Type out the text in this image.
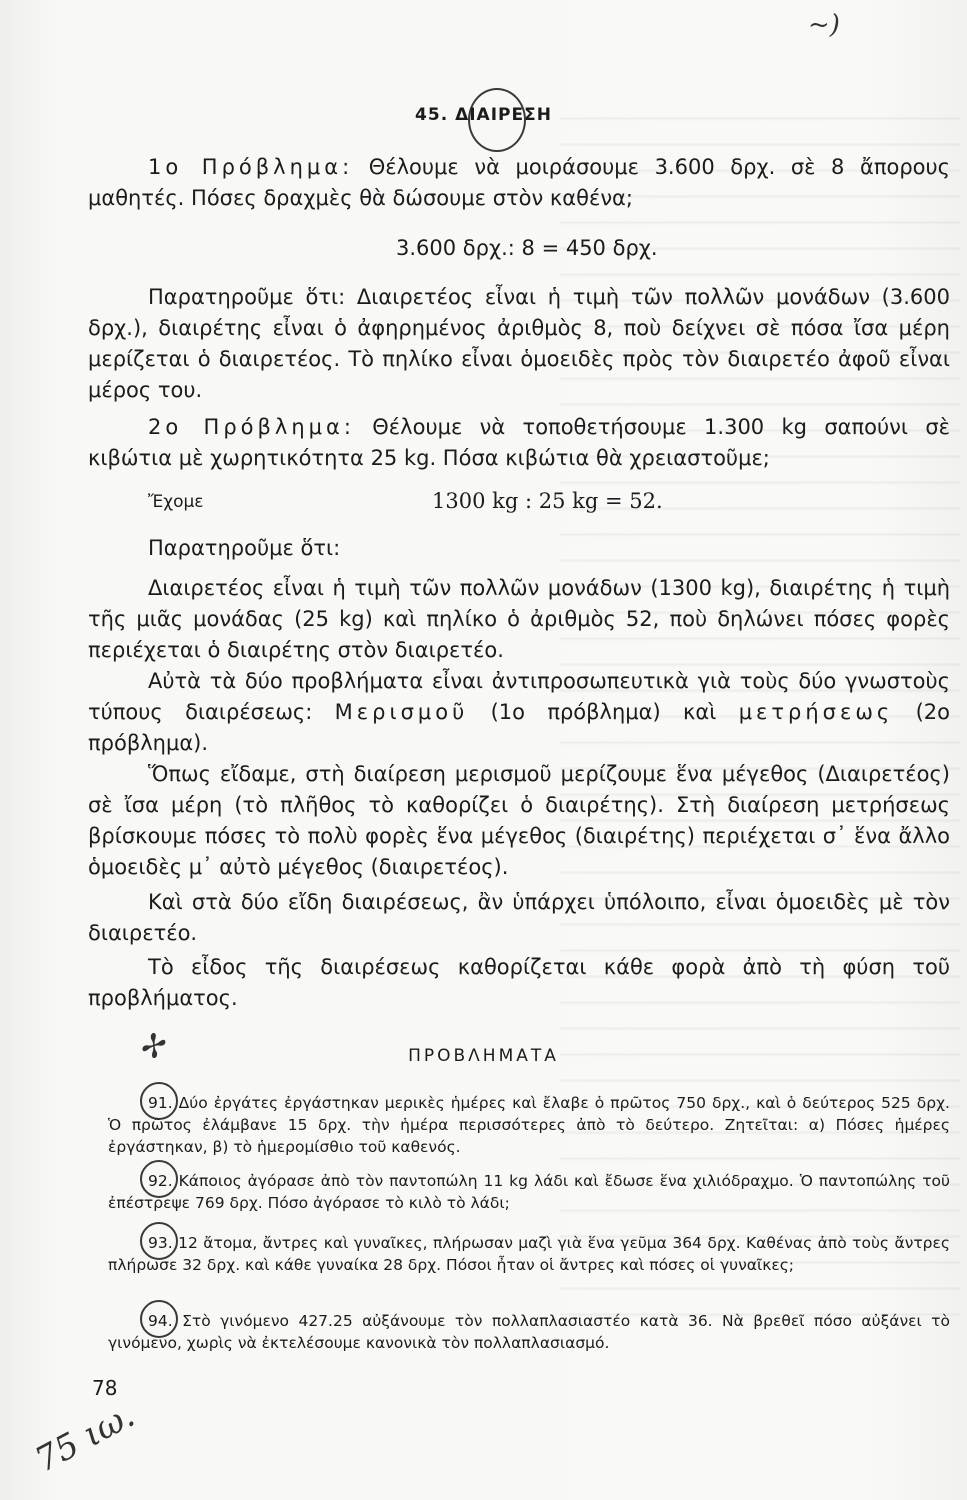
~)
45. ΔΙΑΙΡΕΣΗ
1ο Πρόβλημα: Θέλουμε νὰ μοιράσουμε 3.600 δρχ. σὲ 8 ἄπορους μαθητές. Πόσες δραχμὲς θὰ δώσουμε στὸν καθένα;
3.600 δρχ.: 8 = 450 δρχ.
Παρατηροῦμε ὅτι: Διαιρετέος εἶναι ἡ τιμὴ τῶν πολλῶν μονάδων (3.600 δρχ.), διαιρέτης εἶναι ὁ ἀφηρημένος ἀριθμὸς 8, ποὺ δείχνει σὲ πόσα ἴσα μέρη μερίζεται ὁ διαιρετέος. Τὸ πηλίκο εἶναι ὁμοειδὲς πρὸς τὸν διαιρετέο ἀφοῦ εἶναι μέρος του.
2ο Πρόβλημα: Θέλουμε νὰ τοποθετήσουμε 1.300 kg σαπούνι σὲ κιβώτια μὲ χωρητικότητα 25 kg. Πόσα κιβώτια θὰ χρειαστοῦμε;
Ἔχομε	1300 kg : 25 kg = 52.
Παρατηροῦμε ὅτι:
Διαιρετέος εἶναι ἡ τιμὴ τῶν πολλῶν μονάδων (1300 kg), διαιρέτης ἡ τιμὴ τῆς μιᾶς μονάδας (25 kg) καὶ πηλίκο ὁ ἀριθμὸς 52, ποὺ δηλώνει πόσες φορὲς περιέχεται ὁ διαιρέτης στὸν διαιρετέο.
Αὐτὰ τὰ δύο προβλήματα εἶναι ἀντιπροσωπευτικὰ γιὰ τοὺς δύο γνωστοὺς τύπους διαιρέσεως: Μερισμοῦ (1ο πρόβλημα) καὶ μετρήσεως (2ο πρόβλημα).
Ὅπως εἴδαμε, στὴ διαίρεση μερισμοῦ μερίζουμε ἕνα μέγεθος (Διαιρετέος) σὲ ἴσα μέρη (τὸ πλῆθος τὸ καθορίζει ὁ διαιρέτης). Στὴ διαίρεση μετρήσεως βρίσκουμε πόσες τὸ πολὺ φορὲς ἕνα μέγεθος (διαιρέτης) περιέχεται σ᾽ ἕνα ἄλλο ὁμοειδὲς μ᾽ αὐτὸ μέγεθος (διαιρετέος).
Καὶ στὰ δύο εἴδη διαιρέσεως, ἂν ὑπάρχει ὑπόλοιπο, εἶναι ὁμοειδὲς μὲ τὸν διαιρετέο.
Τὸ εἶδος τῆς διαιρέσεως καθορίζεται κάθε φορὰ ἀπὸ τὴ φύση τοῦ προβλήματος.
✢	ΠΡΟΒΛΗΜΑΤΑ
91. Δύο ἐργάτες ἐργάστηκαν μερικὲς ἡμέρες καὶ ἔλαβε ὁ πρῶτος 750 δρχ., καὶ ὁ δεύτερος 525 δρχ. Ὁ πρῶτος ἐλάμβανε 15 δρχ. τὴν ἡμέρα περισσότερες ἀπὸ τὸ δεύτερο. Ζητεῖται: α) Πόσες ἡμέρες ἐργάστηκαν, β) τὸ ἡμερομίσθιο τοῦ καθενός.
92. Κάποιος ἀγόρασε ἀπὸ τὸν παντοπώλη 11 kg λάδι καὶ ἔδωσε ἕνα χιλιόδραχμο. Ὁ παντοπώλης τοῦ ἐπέστρεψε 769 δρχ. Πόσο ἀγόρασε τὸ κιλὸ τὸ λάδι;
93. 12 ἄτομα, ἄντρες καὶ γυναῖκες, πλήρωσαν μαζὶ γιὰ ἕνα γεῦμα 364 δρχ. Καθένας ἀπὸ τοὺς ἄντρες πλήρωσε 32 δρχ. καὶ κάθε γυναίκα 28 δρχ. Πόσοι ἦταν οἱ ἄντρες καὶ πόσες οἱ γυναῖκες;
94. Στὸ γινόμενο 427.25 αὐξάνουμε τὸν πολλαπλασιαστέο κατὰ 36. Νὰ βρεθεῖ πόσο αὐξάνει τὸ γινόμενο, χωρὶς νὰ ἐκτελέσουμε κανονικὰ τὸν πολλαπλασιασμό.
78
75 ιω.
